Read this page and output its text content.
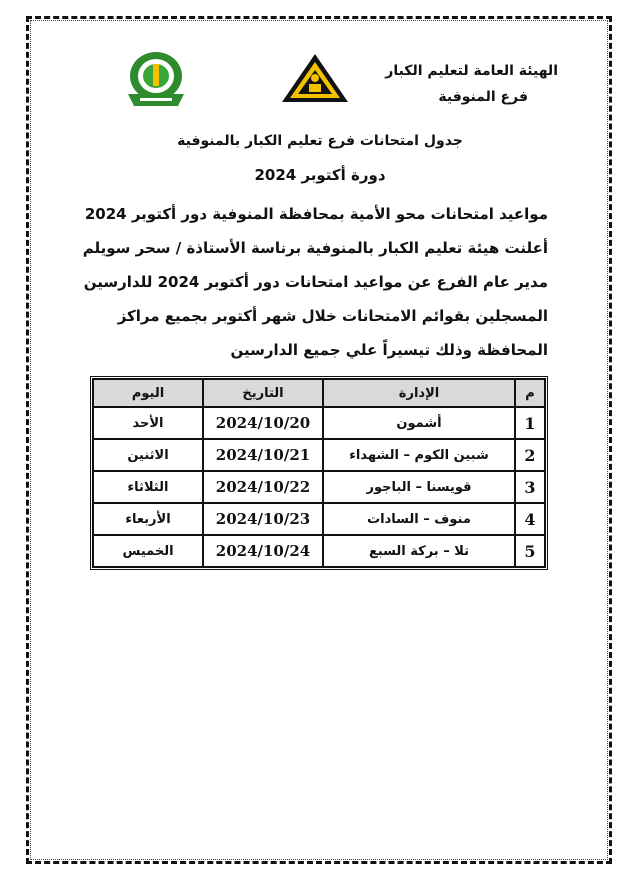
الهيئة العامة لتعليم الكبار
فرع المنوفية
جدول امتحانات فرع تعليم الكبار بالمنوفية
دورة أكتوبر 2024
مواعيد امتحانات محو الأمية بمحافظة المنوفية دور أكتوبر 2024
أعلنت هيئة تعليم الكبار بالمنوفية برناسة الأستاذة / سحر سويلم
مدير عام الفرع عن مواعيد امتحانات دور أكتوبر 2024 للدارسين
المسجلين بقوائم الامتحانات خلال شهر أكتوبر بجميع مراكز
المحافظة وذلك تيسيراً علي جميع الدارسين
م	الإدارة	التاريخ	اليوم
1	أشمون	2024/10/20	الأحد
2	شبين الكوم – الشهداء	2024/10/21	الاثنين
3	قويسنا – الباجور	2024/10/22	الثلاثاء
4	منوف – السادات	2024/10/23	الأربعاء
5	تلا – بركة السبع	2024/10/24	الخميس
